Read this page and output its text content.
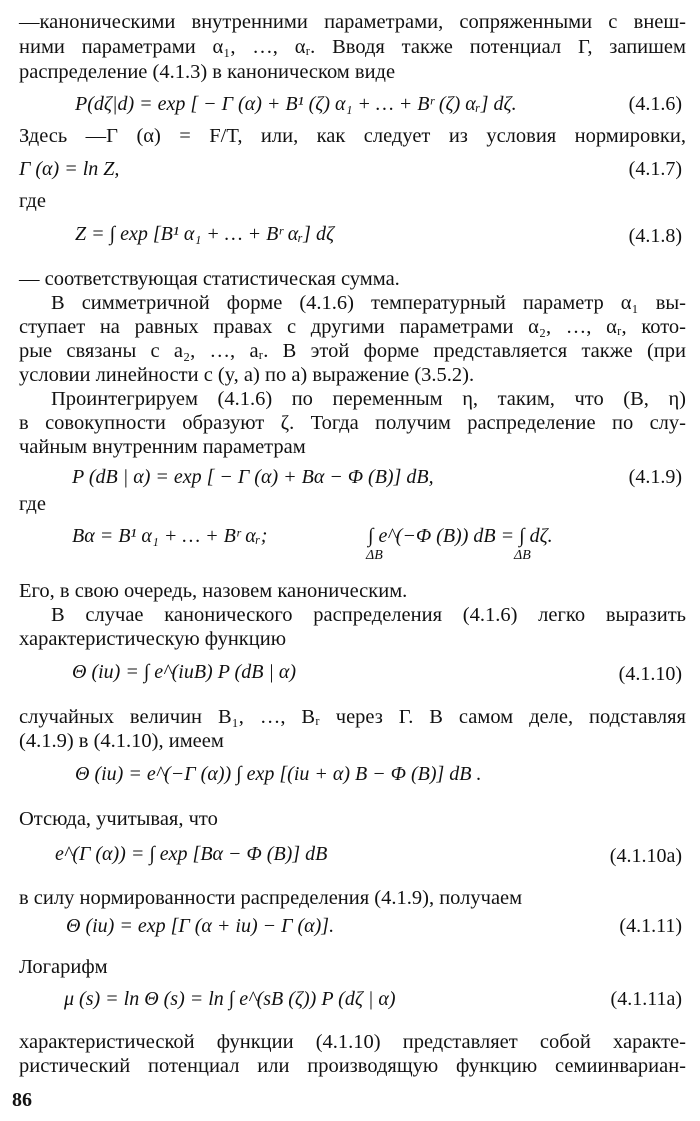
—каноническими внутренними параметрами, сопряженными с внеш-
ними параметрами α₁, …, αᵣ. Вводя также потенциал Γ, запишем
распределение (4.1.3) в каноническом виде
P(dζ|d) = exp [ − Γ (α) + B¹ (ζ) α₁ + … + Bʳ (ζ) αᵣ] dζ.	(4.1.6)
Здесь —Γ (α) = F/T, или, как следует из условия нормировки,
Γ (α) = ln Z,	(4.1.7)
где
Z = ∫ exp [B¹ α₁ + … + Bʳ αᵣ] dζ	(4.1.8)
— соответствующая статистическая сумма.
В симметричной форме (4.1.6) температурный параметр α₁ вы-
ступает на равных правах с другими параметрами α₂, …, αᵣ, кото-
рые связаны с a₂, …, aᵣ. В этой форме представляется также (при
условии линейности c (y, a) по a) выражение (3.5.2).
Проинтегрируем (4.1.6) по переменным η, таким, что (B, η)
в совокупности образуют ζ. Тогда получим распределение по слу-
чайным внутренним параметрам
P (dB | α) = exp [ − Γ (α) + Bα − Φ (B)] dB,	(4.1.9)
где
Bα = B¹ α₁ + … + Bʳ αᵣ;	∫ e^(−Φ (B)) dB = ∫ dζ.
ΔB	ΔB
Его, в свою очередь, назовем каноническим.
В случае канонического распределения (4.1.6) легко выразить
характеристическую функцию
Θ (iu) = ∫ e^(iuB) P (dB | α)	(4.1.10)
случайных величин B₁, …, Bᵣ через Γ. В самом деле, подставляя
(4.1.9) в (4.1.10), имеем
Θ (iu) = e^(−Γ (α)) ∫ exp [(iu + α) B − Φ (B)] dB .
Отсюда, учитывая, что
e^(Γ (α)) = ∫ exp [Bα − Φ (B)] dB	(4.1.10a)
в силу нормированности распределения (4.1.9), получаем
Θ (iu) = exp [Γ (α + iu) − Γ (α)].	(4.1.11)
Логарифм
μ (s) = ln Θ (s) = ln ∫ e^(sB (ζ)) P (dζ | α)	(4.1.11a)
характеристической функции (4.1.10) представляет собой характе-
ристический потенциал или производящую функцию семиинвариан-
86
